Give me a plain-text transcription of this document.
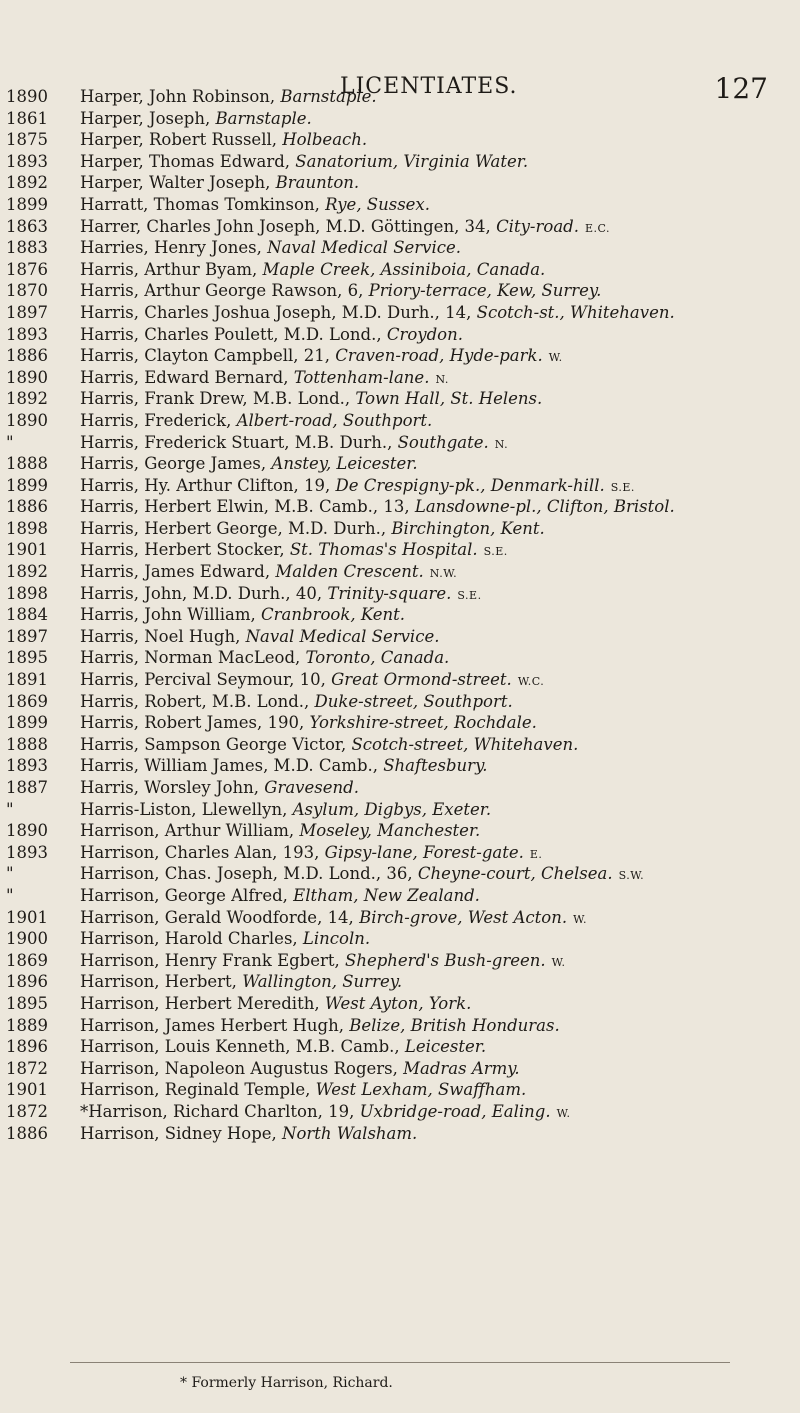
LICENTIATES.	127
1890
1861
1875
1893
1892
1899
1863
1883
1876
1870
1897
1893
1886
1890
1892
1890
"
1888
1899
1886
1898
1901
1892
1898
1884
1897
1895
1891
1869
1899
1888
1893
1887
"
1890
1893
"
"
1901
1900
1869
1896
1895
1889
1896
1872
1901
1872
1886
Harper, John Robinson, Barnstaple.
Harper, Joseph, Barnstaple.
Harper, Robert Russell, Holbeach.
Harper, Thomas Edward, Sanatorium, Virginia Water.
Harper, Walter Joseph, Braunton.
Harratt, Thomas Tomkinson, Rye, Sussex.
Harrer, Charles John Joseph, M.D. Göttingen, 34, City-road. E.C.
Harries, Henry Jones, Naval Medical Service.
Harris, Arthur Byam, Maple Creek, Assiniboia, Canada.
Harris, Arthur George Rawson, 6, Priory-terrace, Kew, Surrey.
Harris, Charles Joshua Joseph, M.D. Durh., 14, Scotch-st., Whitehaven.
Harris, Charles Poulett, M.D. Lond., Croydon.
Harris, Clayton Campbell, 21, Craven-road, Hyde-park. W.
Harris, Edward Bernard, Tottenham-lane. N.
Harris, Frank Drew, M.B. Lond., Town Hall, St. Helens.
Harris, Frederick, Albert-road, Southport.
Harris, Frederick Stuart, M.B. Durh., Southgate. N.
Harris, George James, Anstey, Leicester.
Harris, Hy. Arthur Clifton, 19, De Crespigny-pk., Denmark-hill. S.E.
Harris, Herbert Elwin, M.B. Camb., 13, Lansdowne-pl., Clifton, Bristol.
Harris, Herbert George, M.D. Durh., Birchington, Kent.
Harris, Herbert Stocker, St. Thomas's Hospital. S.E.
Harris, James Edward, Malden Crescent. N.W.
Harris, John, M.D. Durh., 40, Trinity-square. S.E.
Harris, John William, Cranbrook, Kent.
Harris, Noel Hugh, Naval Medical Service.
Harris, Norman MacLeod, Toronto, Canada.
Harris, Percival Seymour, 10, Great Ormond-street. W.C.
Harris, Robert, M.B. Lond., Duke-street, Southport.
Harris, Robert James, 190, Yorkshire-street, Rochdale.
Harris, Sampson George Victor, Scotch-street, Whitehaven.
Harris, William James, M.D. Camb., Shaftesbury.
Harris, Worsley John, Gravesend.
Harris-Liston, Llewellyn, Asylum, Digbys, Exeter.
Harrison, Arthur William, Moseley, Manchester.
Harrison, Charles Alan, 193, Gipsy-lane, Forest-gate. E.
Harrison, Chas. Joseph, M.D. Lond., 36, Cheyne-court, Chelsea. S.W.
Harrison, George Alfred, Eltham, New Zealand.
Harrison, Gerald Woodforde, 14, Birch-grove, West Acton. W.
Harrison, Harold Charles, Lincoln.
Harrison, Henry Frank Egbert, Shepherd's Bush-green. W.
Harrison, Herbert, Wallington, Surrey.
Harrison, Herbert Meredith, West Ayton, York.
Harrison, James Herbert Hugh, Belize, British Honduras.
Harrison, Louis Kenneth, M.B. Camb., Leicester.
Harrison, Napoleon Augustus Rogers, Madras Army.
Harrison, Reginald Temple, West Lexham, Swaffham.
*Harrison, Richard Charlton, 19, Uxbridge-road, Ealing. W.
Harrison, Sidney Hope, North Walsham.
* Formerly Harrison, Richard.
